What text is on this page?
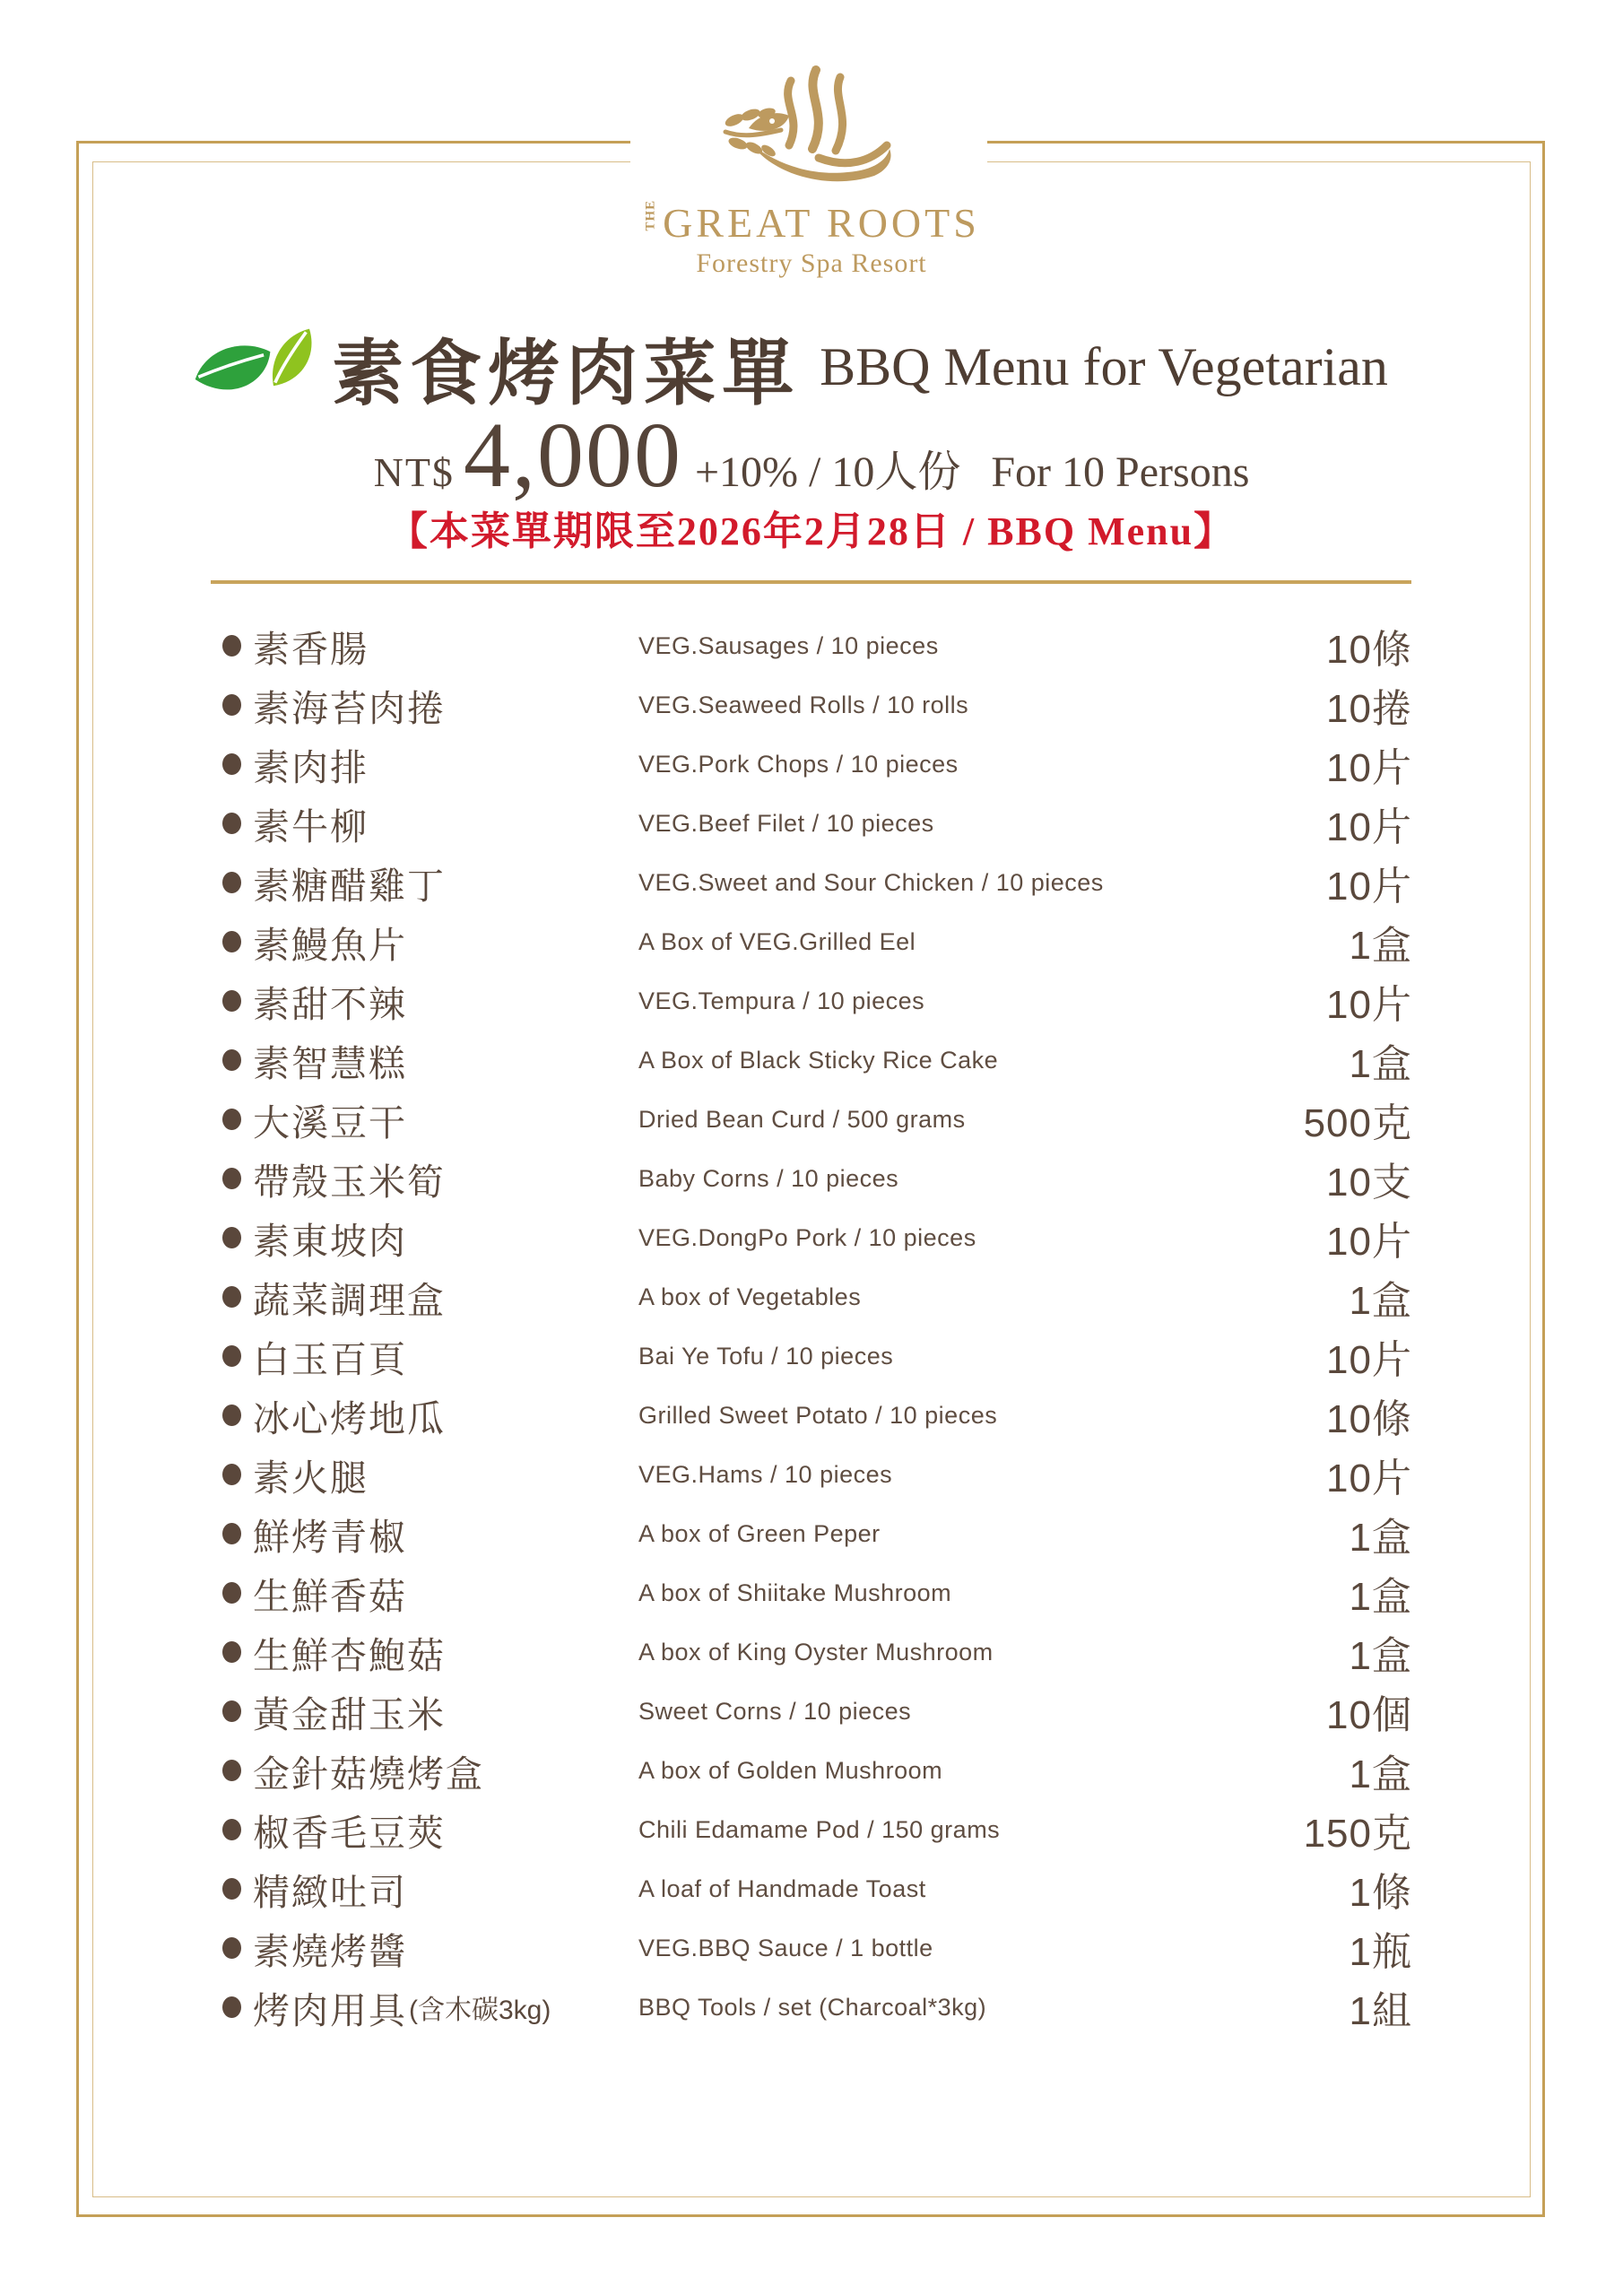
THE GREAT ROOTS
Forestry Spa Resort
素食烤肉菜單 BBQ Menu for Vegetarian
NT$ 4,000 +10% / 10人份 For 10 Persons
【本菜單期限至2026年2月28日 / BBQ Menu】
素香腸	VEG.Sausages / 10 pieces	10條
素海苔肉捲	VEG.Seaweed Rolls / 10 rolls	10捲
素肉排	VEG.Pork Chops / 10 pieces	10片
素牛柳	VEG.Beef Filet / 10 pieces	10片
素糖醋雞丁	VEG.Sweet and Sour Chicken / 10 pieces	10片
素鰻魚片	A Box of VEG.Grilled Eel	1盒
素甜不辣	VEG.Tempura / 10 pieces	10片
素智慧糕	A Box of Black Sticky Rice Cake	1盒
大溪豆干	Dried Bean Curd / 500 grams	500克
帶殼玉米筍	Baby Corns / 10 pieces	10支
素東坡肉	VEG.DongPo Pork / 10 pieces	10片
蔬菜調理盒	A box of Vegetables	1盒
白玉百頁	Bai Ye Tofu / 10 pieces	10片
冰心烤地瓜	Grilled Sweet Potato / 10 pieces	10條
素火腿	VEG.Hams / 10 pieces	10片
鮮烤青椒	A box of Green Peper	1盒
生鮮香菇	A box of Shiitake Mushroom	1盒
生鮮杏鮑菇	A box of King Oyster Mushroom	1盒
黃金甜玉米	Sweet Corns / 10 pieces	10個
金針菇燒烤盒	A box of Golden Mushroom	1盒
椒香毛豆莢	Chili Edamame Pod / 150 grams	150克
精緻吐司	A loaf of Handmade Toast	1條
素燒烤醬	VEG.BBQ Sauce / 1 bottle	1瓶
烤肉用具 (含木碳3kg)	BBQ Tools / set (Charcoal*3kg)	1組
